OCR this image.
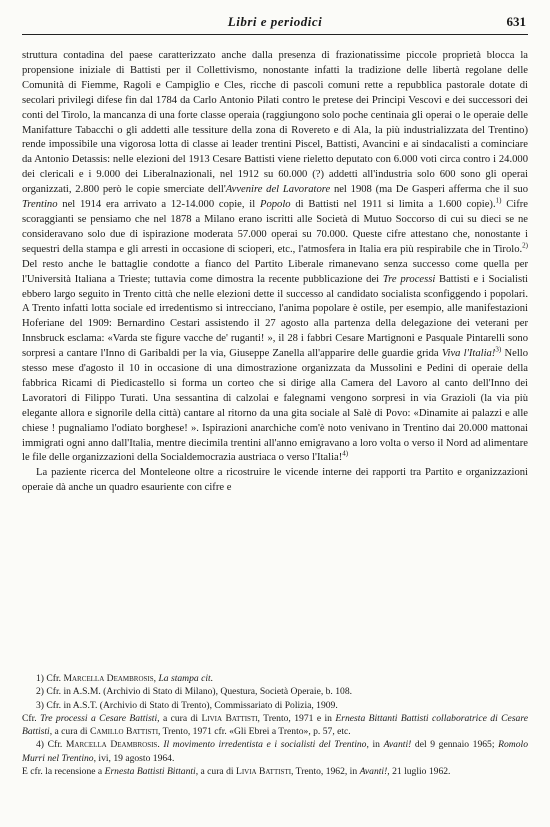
Libri e periodici	631

struttura contadina del paese caratterizzato anche dalla presenza di frazionatissime piccole proprietà blocca la propensione iniziale di Battisti per il Collettivismo, nonostante infatti la tradizione delle libertà regolane delle Comunità di Fiemme, Ragoli e Campiglio e Cles, ricche di pascoli comuni rette a repubblica pastorale dotate di secolari privilegi difese fin dal 1784 da Carlo Antonio Pilati contro le pretese dei Principi Vescovi e dei successori dei conti del Tirolo, la mancanza di una forte classe operaia (raggiungono solo poche centinaia gli operai o le operaie delle Manifatture Tabacchi o gli addetti alle tessiture della zona di Rovereto e di Ala, la più industrializzata del Trentino) rende impossibile una vigorosa lotta di classe ai leader trentini Piscel, Battisti, Avancini e ai sindacalisti a cominciare da Antonio Detassis: nelle elezioni del 1913 Cesare Battisti viene rieletto deputato con 6.000 voti circa contro i 24.000 dei clericali e i 9.000 dei Liberalnazionali, nel 1912 su 60.000 (?) addetti all'industria solo 600 sono gli operai organizzati, 2.800 però le copie smerciate dell'Avvenire del Lavoratore nel 1908 (ma De Gasperi afferma che il suo Trentino nel 1914 era arrivato a 12-14.000 copie, il Popolo di Battisti nel 1911 si limita a 1.600 copie).$^{1)}$ Cifre scoraggianti se pensiamo che nel 1878 a Milano erano iscritti alle Società di Mutuo Soccorso di cui su dieci se ne consideravano solo due di ispirazione moderata 57.000 operai su 70.000. Queste cifre attestano che, nonostante i sequestri della stampa e gli arresti in occasione di scioperi, etc., l'atmosfera in Italia era più respirabile che in Tirolo.$^{2)}$ Del resto anche le battaglie condotte a fianco del Partito Liberale rimanevano senza successo come quella per l'Università Italiana a Trieste; tuttavia come dimostra la recente pubblicazione dei Tre processi Battisti e i Socialisti ebbero largo seguito in Trento città che nelle elezioni dette il successo al candidato socialista sconfiggendo i popolari. A Trento infatti lotta sociale ed irredentismo si intrecciano, l'anima popolare è ostile, per esempio, alle manifestazioni Hoferiane del 1909: Bernardino Cestari assistendo il 27 agosto alla partenza della delegazione dei veterani per Innsbruck esclama: «Varda ste figure vacche de' ruganti! », il 28 i fabbri Cesare Martignoni e Pasquale Pintarelli sono sorpresi a cantare l'Inno di Garibaldi per la via, Giuseppe Zanella all'apparire delle guardie grida Viva l'Italia!$^{3)}$ Nello stesso mese d'agosto il 10 in occasione di una dimostrazione organizzata da Mussolini e Pedini di operaie della fabbrica Ricami di Piedicastello si forma un corteo che si dirige alla Camera del Lavoro al canto dell'Inno dei Lavoratori di Filippo Turati. Una sessantina di calzolai e falegnami vengono sorpresi in via Grazioli (la via più elegante allora e signorile della città) cantare al ritorno da una gita sociale al Salè di Povo: «Dinamite ai palazzi e alle chiese ! pugnaliamo l'odiato borghese! ». Ispirazioni anarchiche com'è noto venivano in Trentino dai 20.000 mattonai immigrati ogni anno dall'Italia, mentre diecimila trentini all'anno emigravano a loro volta o verso il Nord ad alimentare le file delle organizzazioni della Socialdemocrazia austriaca o verso l'Italia!$^{4)}$

La paziente ricerca del Monteleone oltre a ricostruire le vicende interne dei rapporti tra Partito e organizzazioni operaie dà anche un quadro esauriente con cifre e

1) Cfr. Marcella Deambrosis, La stampa cit.

2) Cfr. in A.S.M. (Archivio di Stato di Milano), Questura, Società Operaie, b. 108.

3) Cfr. in A.S.T. (Archivio di Stato di Trento), Commissariato di Polizia, 1909.

Cfr. Tre processi a Cesare Battisti, a cura di Livia Battisti, Trento, 1971 e in Ernesta Bittanti Battisti collaboratrice di Cesare Battisti, a cura di Camillo Battisti, Trento, 1971 cfr. «Gli Ebrei a Trento», p. 57, etc.

4) Cfr. Marcella Deambrosis. Il movimento irredentista e i socialisti del Trentino, in Avanti! del 9 gennaio 1965; Romolo Murri nel Trentino, ivi, 19 agosto 1964.

E cfr. la recensione a Ernesta Battisti Bittanti, a cura di Livia Battisti, Trento, 1962, in Avanti!, 21 luglio 1962.
